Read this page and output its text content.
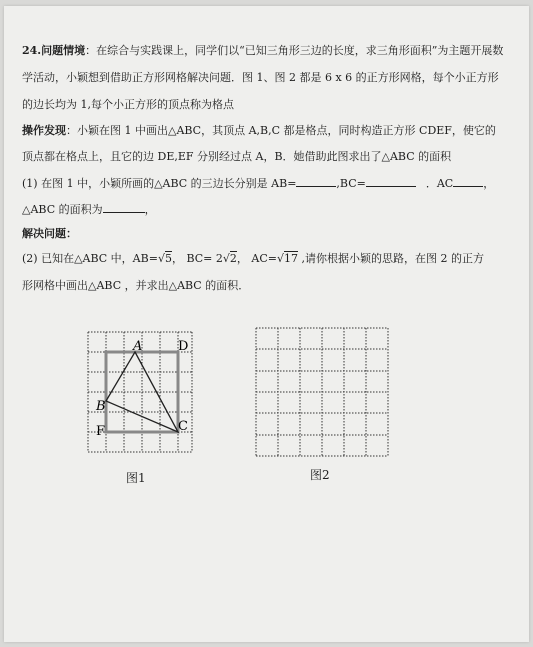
24.问题情境：在综合与实践课上，同学们以“已知三角形三边的长度，求三角形面积”为主题开展数
学活动，小颖想到借助正方形网格解决问题．图 1、图 2 都是 6 x 6 的正方形网格，每个小正方形
的边长均为 1,每个小正方形的顶点称为格点
操作发现：小颖在图 1 中画出△ABC，其顶点 A,B,C 都是格点，同时构造正方形 CDEF，使它的
顶点都在格点上，且它的边 DE,EF 分别经过点 A，B．她借助此图求出了△ABC 的面积
(1) 在图 1 中，小颖所画的△ABC 的三边长分别是 AB=	,BC=	．AC	，
△ABC 的面积为	，
解决问题：
(2) 已知在△ABC 中，AB=√5， BC= 2√2， AC=√17 ,请你根据小颖的思路，在图 2 的正方
形网格中画出△ABC ，并求出△ABC 的面积．
A	D
B
C
F
图1	图2
